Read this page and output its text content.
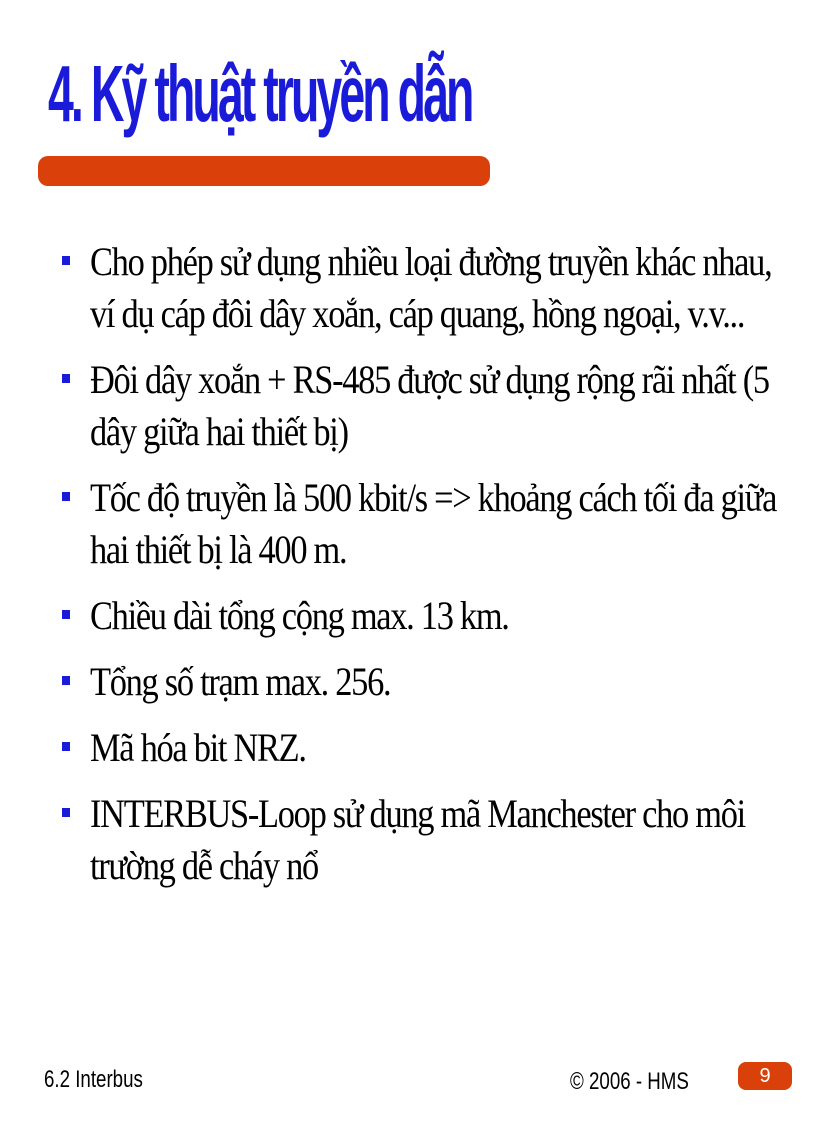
4. Kỹ thuật truyền dẫn
Cho phép sử dụng nhiều loại đường truyền khác nhau, ví dụ cáp đôi dây xoắn, cáp quang, hồng ngoại, v.v...
Đôi dây xoắn + RS-485 được sử dụng rộng rãi nhất (5 dây giữa hai thiết bị)
Tốc độ truyền là 500 kbit/s => khoảng cách tối đa giữa hai thiết bị là 400 m.
Chiều dài tổng cộng max. 13 km.
Tổng số trạm max. 256.
Mã hóa bit NRZ.
INTERBUS-Loop sử dụng mã Manchester cho môi trường dễ cháy nổ
6.2 Interbus	© 2006 - HMS	9
